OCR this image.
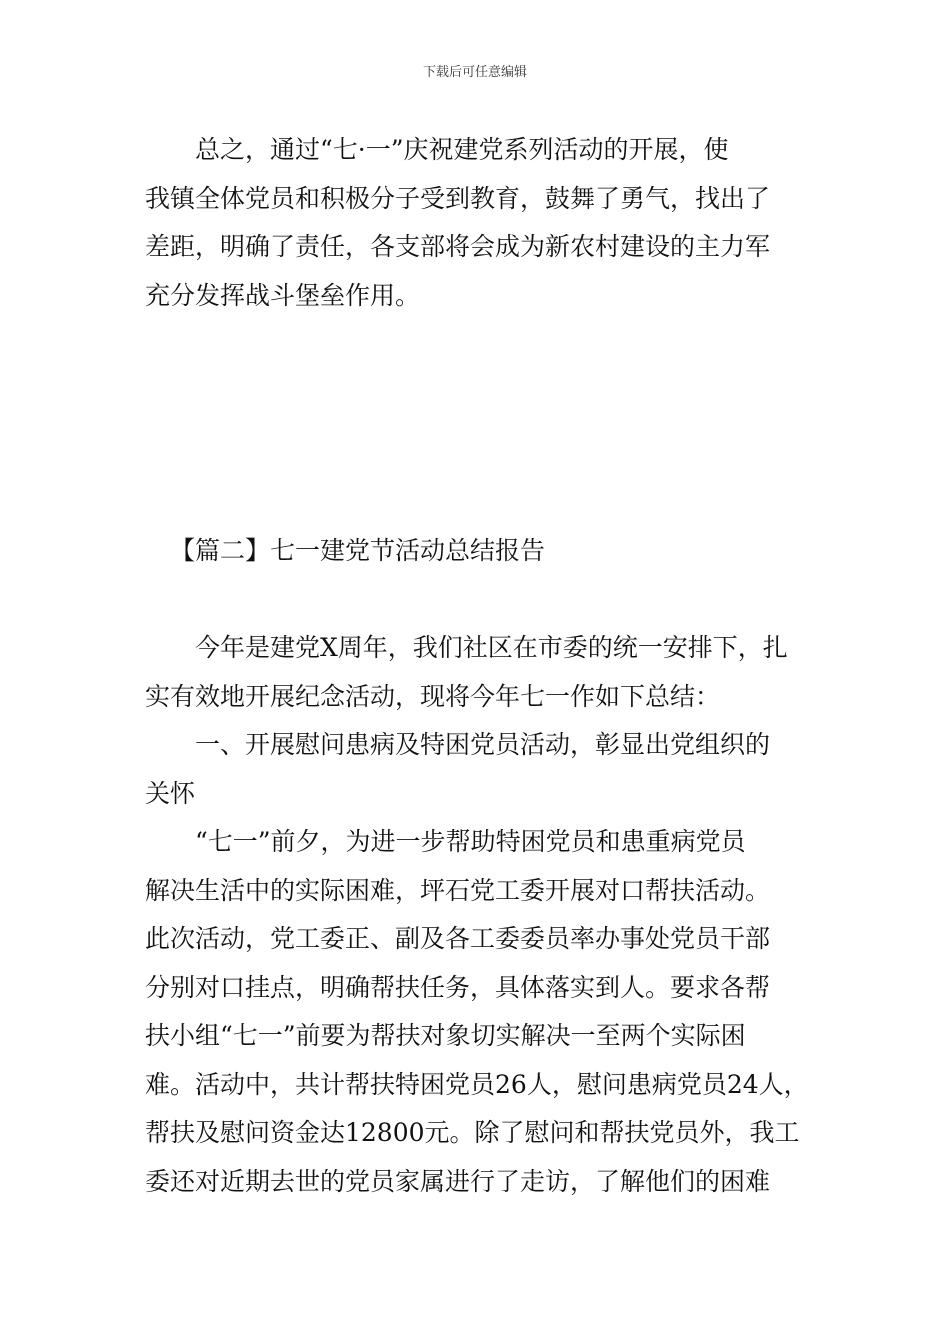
下载后可任意编辑
　　总之，通过“七·一”庆祝建党系列活动的开展，使
我镇全体党员和积极分子受到教育，鼓舞了勇气，找出了
差距，明确了责任，各支部将会成为新农村建设的主力军
充分发挥战斗堡垒作用。
【篇二】七一建党节活动总结报告
　　今年是建党X周年，我们社区在市委的统一安排下，扎
实有效地开展纪念活动，现将今年七一作如下总结：
　　一、开展慰问患病及特困党员活动，彰显出党组织的
关怀
　　“七一”前夕，为进一步帮助特困党员和患重病党员
解决生活中的实际困难，坪石党工委开展对口帮扶活动。
此次活动，党工委正、副及各工委委员率办事处党员干部
分别对口挂点，明确帮扶任务，具体落实到人。要求各帮
扶小组“七一”前要为帮扶对象切实解决一至两个实际困
难。活动中，共计帮扶特困党员26人，慰问患病党员24人，
帮扶及慰问资金达12800元。除了慰问和帮扶党员外，我工
委还对近期去世的党员家属进行了走访，了解他们的困难
